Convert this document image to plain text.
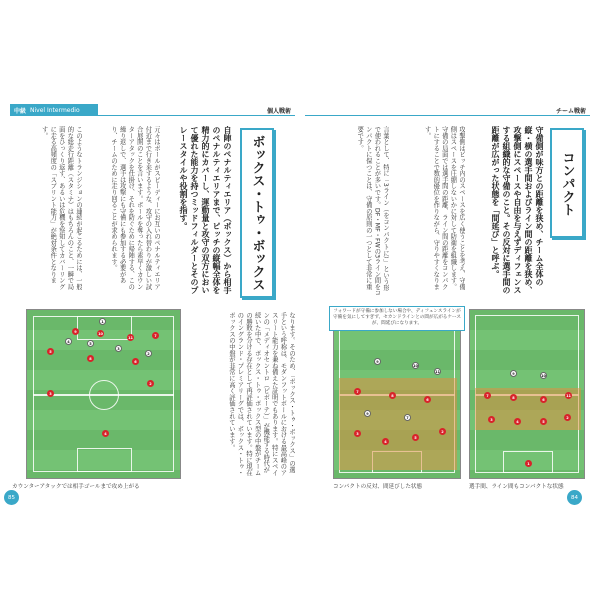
中級 Nivel Intermedio	個人戦術
ボックス・トゥ・ボックス
自陣のペナルティエリア（ボックス）から相手のペナルティエリアまで、ピッチの縦幅全体を精力的にカバーし、運動量と攻守の双方において優れた能力を持つミッドフィルダーとそのプレースタイルや役割を指す。
元々はボールがスピーディーにお互いのペナルティエリア付近まで行き来するような、攻守の入れ替わりが激しい試合展開のことを言います。ボールを奪ったら素早くカウンターアタックを仕掛け、それを防ぐために帰陣する、この繰り返しで、選手は攻撃にも守備にも参加する必要があり、チームのために走り回ることが求められます。
このようなトランジションの連続が起こるためには、一般的な総走行距離（スタミナ）はもちろんのこと、一瞬で局面をひっくり返す、あるいは危機を察知してカバーリングに走る高頻度の「スプリント能力」が絶対条件となります。
5
9	10
11	7
8
6
3
2
4
4	5
3
2
1
カウンターアタックでは相手ゴールまで攻め上がる
85
チーム戦術
コンパクト
守備側が味方との距離を狭め、チーム全体の縦・横の選手間およびライン間の距離を狭め、攻撃側にスペースや自由を与えずディフェンスする組織的な守備のこと。その反対に選手間の距離が広がった状態を「間延び」と呼ぶ。
攻撃側はピッチ内のスペースを広く使うことを考え、守備側はスペースを圧縮しないかに対して防衛を組織します。守備の局面では選手間の距離、ライン間の距離をコンパクトにすることで数的優位を作りながら、守りやすくなります。
言葉として、特に「3ライン（をコンパクトに）」という形で使われることが多いです。DF・MF・FWの3ライン間をコンパクトに保つことは、守備の原則の一つとして非常に重要です。
なります。そのため、「ボックス・トゥ・ボックス」の選手という呼称は、モダンフットボールにおける最高峰のアスリート能力を兼ね備えた証明でもあります。特にスペインの「メディオセントロ（ピボーテ）」が機能する時代が続いた中で、ボックス・トゥ・ボックス型の中盤がチームの勝敗を分ける存在として再評価されています。特に現在のイングランド・プレミアリーグでは、ボックス・トゥ・ボックスの中盤が非常に高く評価されています。	9
10
11
7
8
6
3
4
5
2
9
7
フォワードが守備に参加しない場合や、ディフェンスラインが守備を気にしてすぎず、セカンドラインとの間が広がるケースが、間延びになります。
コンパクトの反対、間延びした状態
9	10
7	8	6
11
3	4	5
2
1
選手間、ライン間もコンパクトな状態
84
